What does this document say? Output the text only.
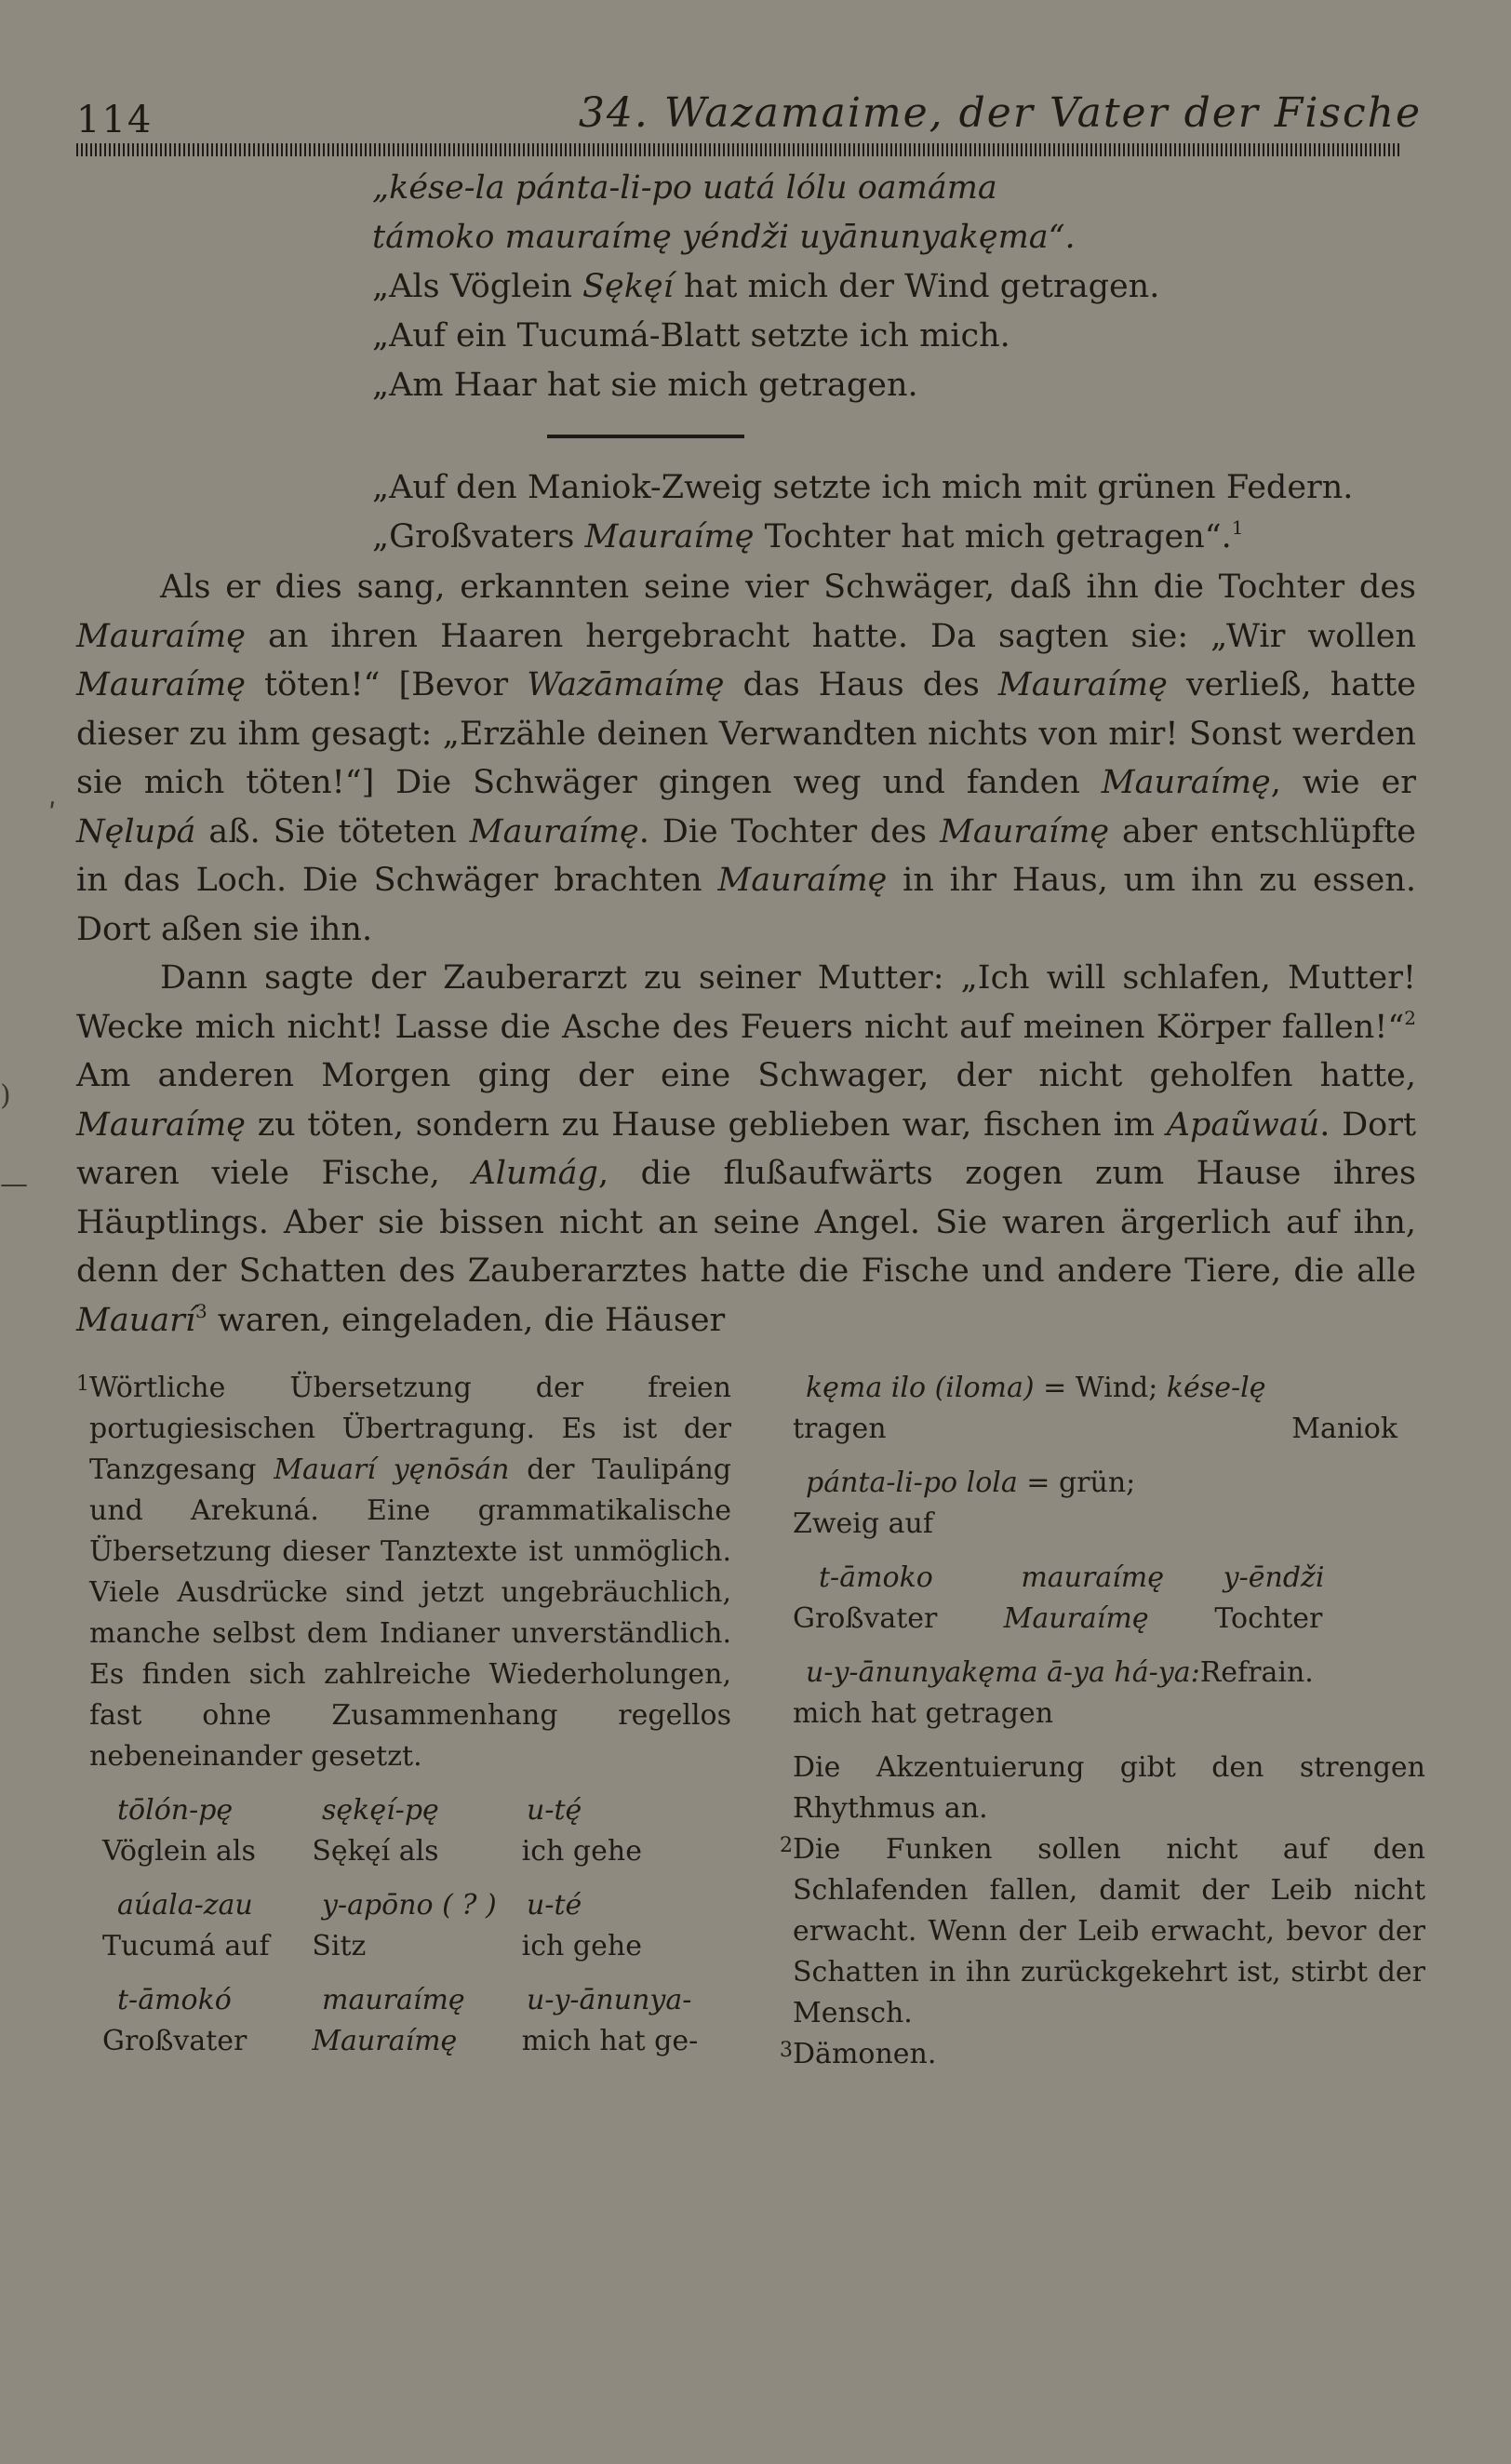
114	34. Wazamaime, der Vater der Fische
„kése-la pánta-li-po uatá lólu oamáma
támoko mauraímę yéndži uyānunyakęma“.
„Als Vöglein Sękęí hat mich der Wind getragen.
„Auf ein Tucumá-Blatt setzte ich mich.
„Am Haar hat sie mich getragen.
„Auf den Maniok-Zweig setzte ich mich mit grünen Federn.
„Großvaters Mauraímę Tochter hat mich getragen“.$^1$

Als er dies sang, erkannten seine vier Schwäger, daß ihn die Tochter des Mauraímę an ihren Haaren hergebracht hatte. Da sagten sie: „Wir wollen Mauraímę töten!“ [Bevor Wazāmaímę das Haus des Mauraímę verließ, hatte dieser zu ihm gesagt: „Erzähle deinen Verwandten nichts von mir! Sonst werden sie mich töten!“] Die Schwäger gingen weg und fanden Mauraímę, wie er Nęlupá aß. Sie töteten Mauraímę. Die Tochter des Mauraímę aber entschlüpfte in das Loch. Die Schwäger brachten Mauraímę in ihr Haus, um ihn zu essen. Dort aßen sie ihn.

Dann sagte der Zauberarzt zu seiner Mutter: „Ich will schlafen, Mutter! Wecke mich nicht! Lasse die Asche des Feuers nicht auf meinen Körper fallen!“$^2$ Am anderen Morgen ging der eine Schwager, der nicht geholfen hatte, Mauraímę zu töten, sondern zu Hause geblieben war, fischen im Apaũwaú. Dort waren viele Fische, Alumág, die flußaufwärts zogen zum Hause ihres Häuptlings. Aber sie bissen nicht an seine Angel. Sie waren ärgerlich auf ihn, denn der Schatten des Zauberarztes hatte die Fische und andere Tiere, die alle Mauarí$^3$ waren, eingeladen, die Häuser

ʹ
)
—
1 Wörtliche Übersetzung der freien portugiesischen Übertragung. Es ist der Tanzgesang Mauarí yęnōsán der Taulipáng und Arekuná. Eine grammatikalische Übersetzung dieser Tanztexte ist unmöglich. Viele Ausdrücke sind jetzt ungebräuchlich, manche selbst dem Indianer unverständlich. Es finden sich zahlreiche Wiederholungen, fast ohne Zusammenhang regellos nebeneinander gesetzt.
tōlón-pę	sękęí-pę	u-tę́
Vöglein als	Sękęí als	ich gehe
aúala-zau	y-apōno ( ? )	u-té
Tucumá auf	Sitz	ich gehe
t-āmokó	mauraímę	u-y-ānunya-
Großvater	Mauraímę	mich hat ge-
kęma ilo (iloma) = Wind; kése-lę
tragen	Maniok
pánta-li-po lola = grün;
Zweig auf
t-āmoko	mauraímę	y-ēndži
Großvater	Mauraímę	Tochter
u-y-ānunyakęma ā-ya há-ya:Refrain.
mich hat getragen
Die Akzentuierung gibt den strengen Rhythmus an.
2 Die Funken sollen nicht auf den Schlafenden fallen, damit der Leib nicht erwacht. Wenn der Leib erwacht, bevor der Schatten in ihn zurückgekehrt ist, stirbt der Mensch.
3 Dämonen.
